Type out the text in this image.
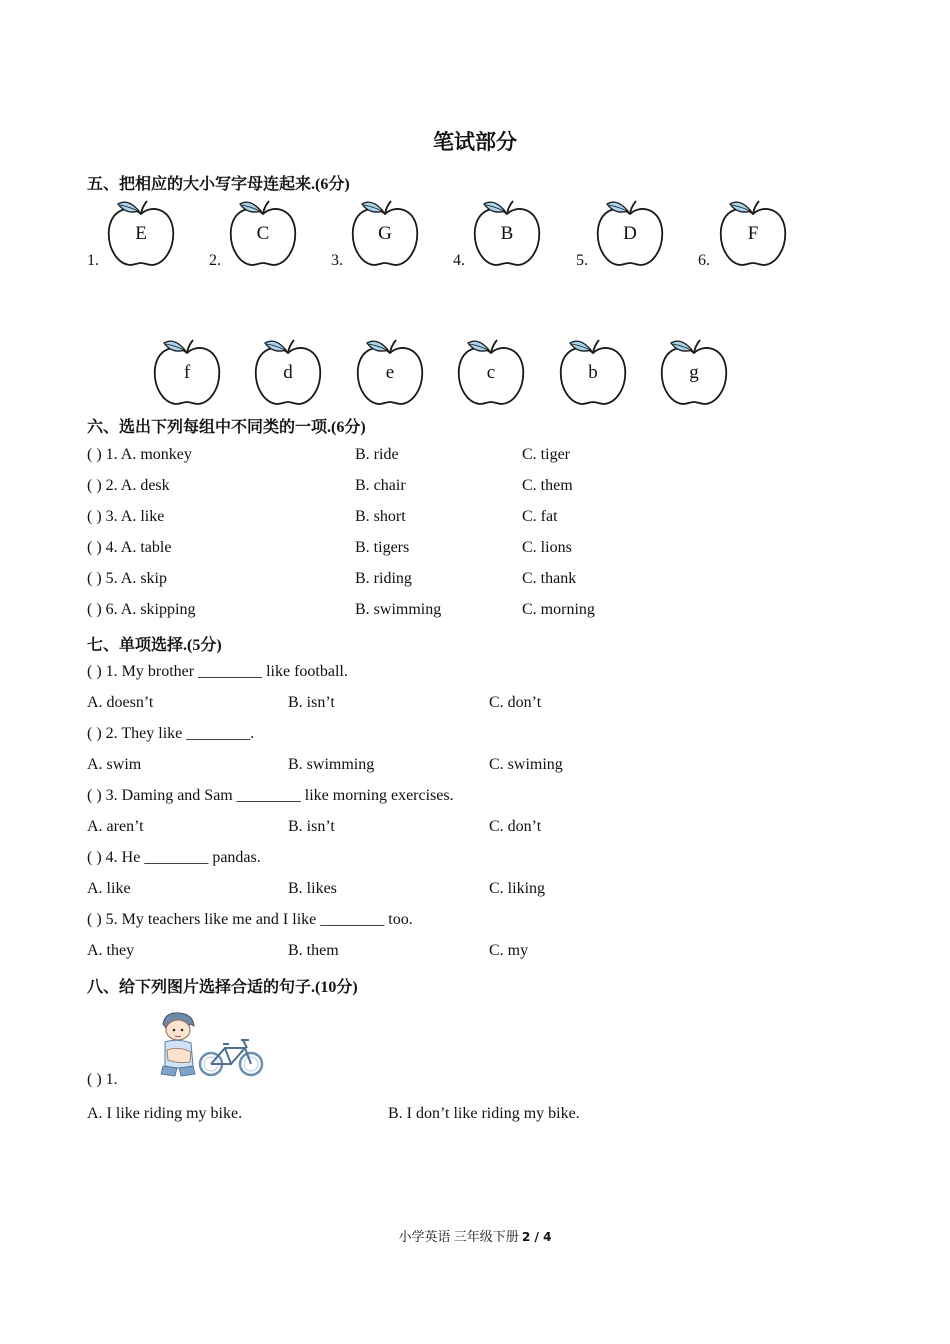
笔试部分
五、把相应的大小写字母连起来.(6分)
1.
E
2.
C
3.
G
4.
B
5.
D
6.
F
f	d	e	c	b	g
六、选出下列每组中不同类的一项.(6分)
( ) 1. A. monkey	B. ride	C. tiger
( ) 2. A. desk	B. chair	C. them
( ) 3. A. like	B. short	C. fat
( ) 4. A. table	B. tigers	C. lions
( ) 5. A. skip	B. riding	C. thank
( ) 6. A. skipping	B. swimming	C. morning
七、单项选择.(5分)
( ) 1. My brother ________ like football.
A. doesn’t	B. isn’t	C. don’t
( ) 2. They like ________.
A. swim	B. swimming	C. swiming
( ) 3. Daming and Sam ________ like morning exercises.
A. aren’t	B. isn’t	C. don’t
( ) 4. He ________ pandas.
A. like	B. likes	C. liking
( ) 5. My teachers like me and I like ________ too.
A. they	B. them	C. my
八、给下列图片选择合适的句子.(10分)
( ) 1.
A. I like riding my bike.	B. I don’t like riding my bike.
小学英语 三年级下册 2 / 4
